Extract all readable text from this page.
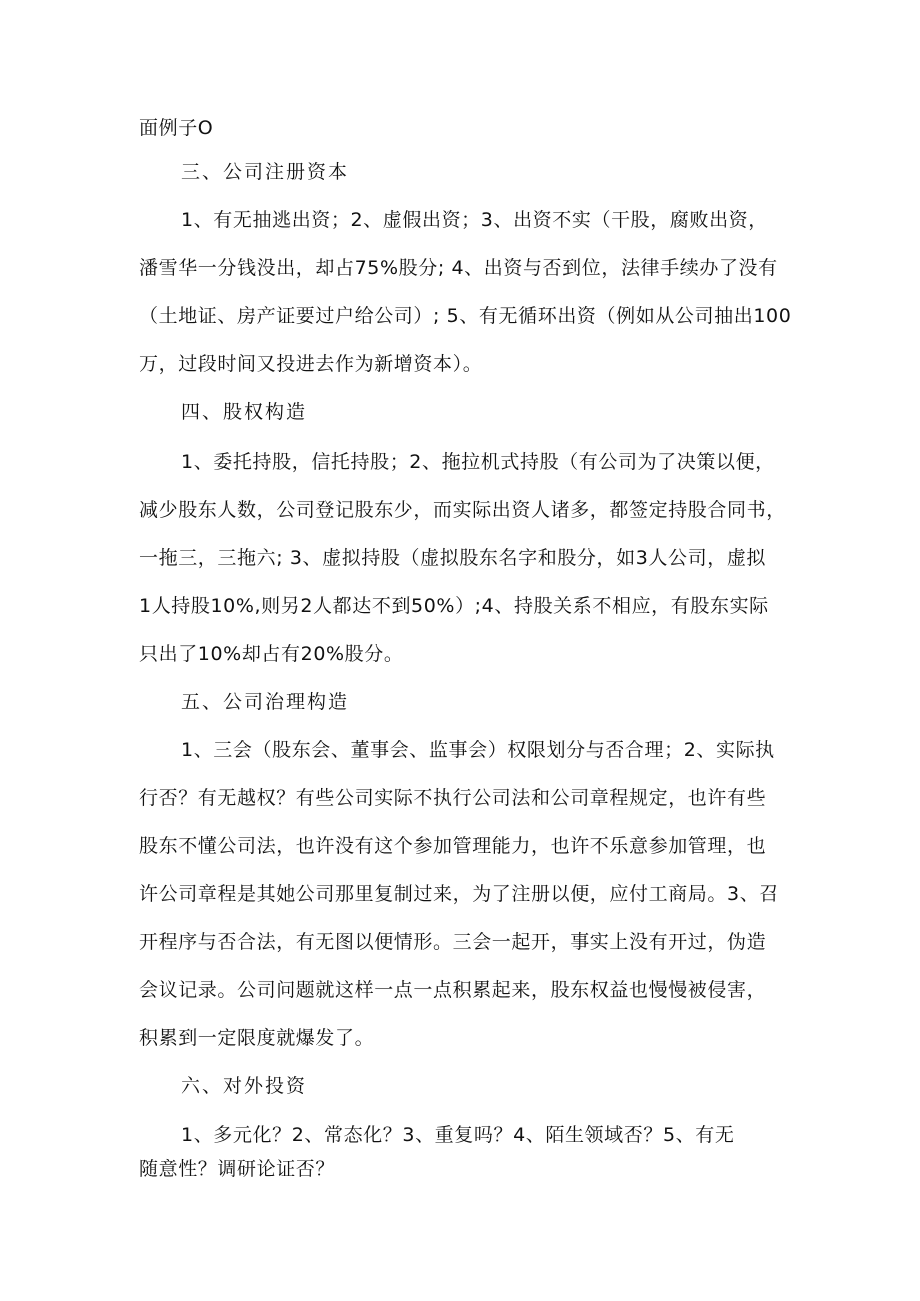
面例子O
三、公司注册资本
1、有无抽逃出资；2、虚假出资；3、出资不实（干股，腐败出资，
潘雪华一分钱没出，却占75%股分; 4、出资与否到位，法律手续办了没有
（土地证、房产证要过户给公司）; 5、有无循环出资（例如从公司抽出100
万，过段时间又投进去作为新增资本）。
四、股权构造
1、委托持股，信托持股；2、拖拉机式持股（有公司为了决策以便，
减少股东人数，公司登记股东少，而实际出资人诸多，都签定持股合同书，
一拖三，三拖六; 3、虚拟持股（虚拟股东名字和股分，如3人公司，虚拟
1人持股10%,则另2人都达不到50%）;4、持股关系不相应，有股东实际
只出了10%却占有20%股分。
五、公司治理构造
1、三会（股东会、董事会、监事会）权限划分与否合理；2、实际执
行否？有无越权？有些公司实际不执行公司法和公司章程规定，也许有些
股东不懂公司法，也许没有这个参加管理能力，也许不乐意参加管理，也
许公司章程是其她公司那里复制过来，为了注册以便，应付工商局。3、召
开程序与否合法，有无图以便情形。三会一起开，事实上没有开过，伪造
会议记录。公司问题就这样一点一点积累起来，股东权益也慢慢被侵害，
积累到一定限度就爆发了。
六、对外投资
1、多元化？2、常态化？3、重复吗？4、陌生领域否？5、有无
随意性？调研论证否？
